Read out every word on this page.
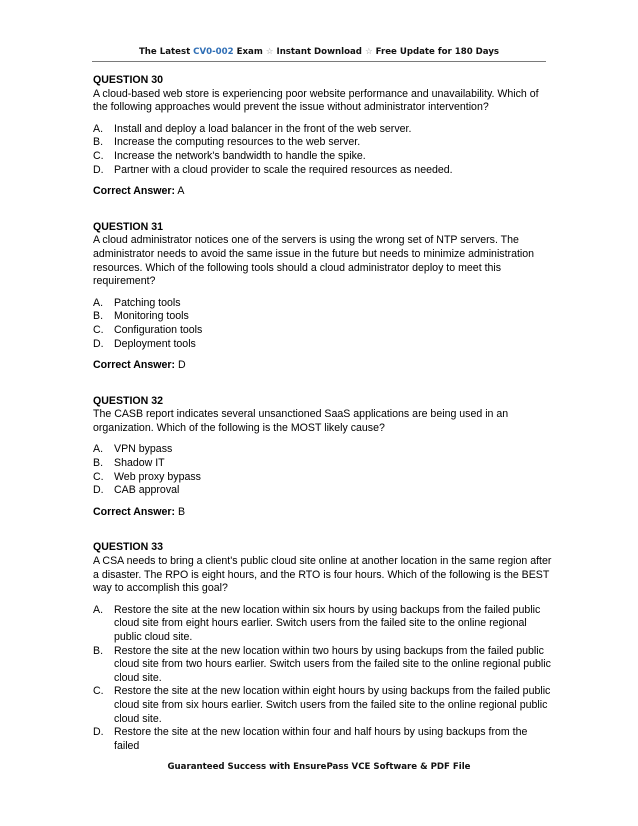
The Latest CV0-002 Exam ☆ Instant Download ☆ Free Update for 180 Days
QUESTION 30

A cloud-based web store is experiencing poor website performance and unavailability. Which of the following approaches would prevent the issue without administrator intervention?

A.	Install and deploy a load balancer in the front of the web server.
B.	Increase the computing resources to the web server.
C. Increase the network's bandwidth to handle the spike.
D. Partner with a cloud provider to scale the required resources as needed.
Correct Answer: A
QUESTION 31

A cloud administrator notices one of the servers is using the wrong set of NTP servers. The administrator needs to avoid the same issue in the future but needs to minimize administration resources. Which of the following tools should a cloud administrator deploy to meet this requirement?

A.	Patching tools
B.	Monitoring tools
C. Configuration tools
D. Deployment tools
Correct Answer: D
QUESTION 32

The CASB report indicates several unsanctioned SaaS applications are being used in an organization. Which of the following is the MOST likely cause?

A.	VPN bypass
B.	Shadow IT
C. Web proxy bypass
D. CAB approval
Correct Answer: B
QUESTION 33

A CSA needs to bring a client's public cloud site online at another location in the same region after a disaster. The RPO is eight hours, and the RTO is four hours. Which of the following is the BEST way to accomplish this goal?

A.	Restore the site at the new location within six hours by using backups from the failed public cloud site from eight hours earlier. Switch users from the failed site to the online regional public cloud site.
B.	Restore the site at the new location within two hours by using backups from the failed public cloud site from two hours earlier. Switch users from the failed site to the online regional public cloud site.
C. Restore the site at the new location within eight hours by using backups from the failed public cloud site from six hours earlier. Switch users from the failed site to the online regional public cloud site.
D. Restore the site at the new location within four and half hours by using backups from the failed
Guaranteed Success with EnsurePass VCE Software & PDF File
